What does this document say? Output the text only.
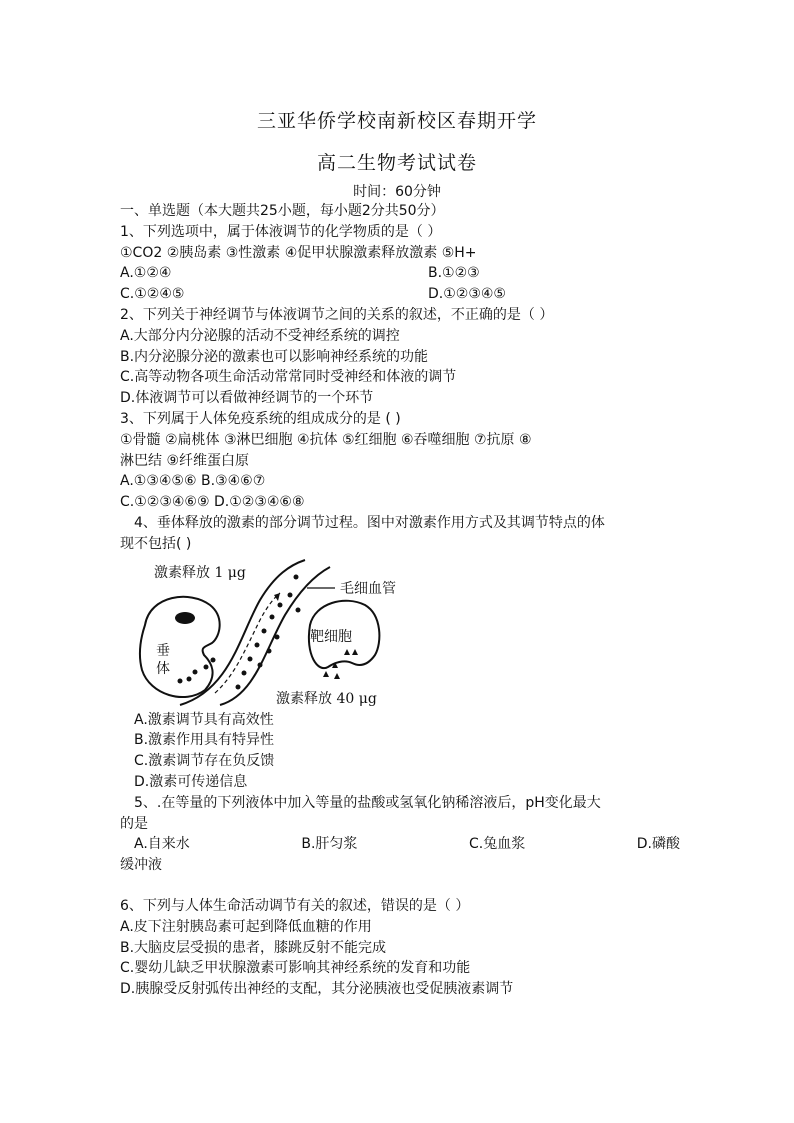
三亚华侨学校南新校区春期开学
高二生物考试试卷
时间：60分钟
一、单选题（本大题共25小题，每小题2分共50分）
1、下列选项中，属于体液调节的化学物质的是（ ）
①CO2 ②胰岛素 ③性激素 ④促甲状腺激素释放激素 ⑤H+
A.①②④	B.①②③
C.①②④⑤	D.①②③④⑤
2、下列关于神经调节与体液调节之间的关系的叙述，不正确的是（ ）
A.大部分内分泌腺的活动不受神经系统的调控
B.内分泌腺分泌的激素也可以影响神经系统的功能
C.高等动物各项生命活动常常同时受神经和体液的调节
D.体液调节可以看做神经调节的一个环节
3、下列属于人体免疫系统的组成成分的是 ( )
①骨髓 ②扁桃体 ③淋巴细胞 ④抗体 ⑤红细胞 ⑥吞噬细胞 ⑦抗原 ⑧
淋巴结 ⑨纤维蛋白原
A.①③④⑤⑥ B.③④⑥⑦
C.①②③④⑥⑨ D.①②③④⑥⑧
4、垂体释放的激素的部分调节过程。图中对激素作用方式及其调节特点的体
现不包括( )
激素释放 1 μg
毛细血管
垂
体
靶细胞
激素释放 40 μg
A.激素调节具有高效性
B.激素作用具有特异性
C.激素调节存在负反馈
D.激素可传递信息
5、.在等量的下列液体中加入等量的盐酸或氢氧化钠稀溶液后，pH变化最大
的是
A.自来水	B.肝匀浆	C.兔血浆	D.磷酸
缓冲液
6、下列与人体生命活动调节有关的叙述，错误的是（ ）
A.皮下注射胰岛素可起到降低血糖的作用
B.大脑皮层受损的患者，膝跳反射不能完成
C.婴幼儿缺乏甲状腺激素可影响其神经系统的发育和功能
D.胰腺受反射弧传出神经的支配，其分泌胰液也受促胰液素调节
